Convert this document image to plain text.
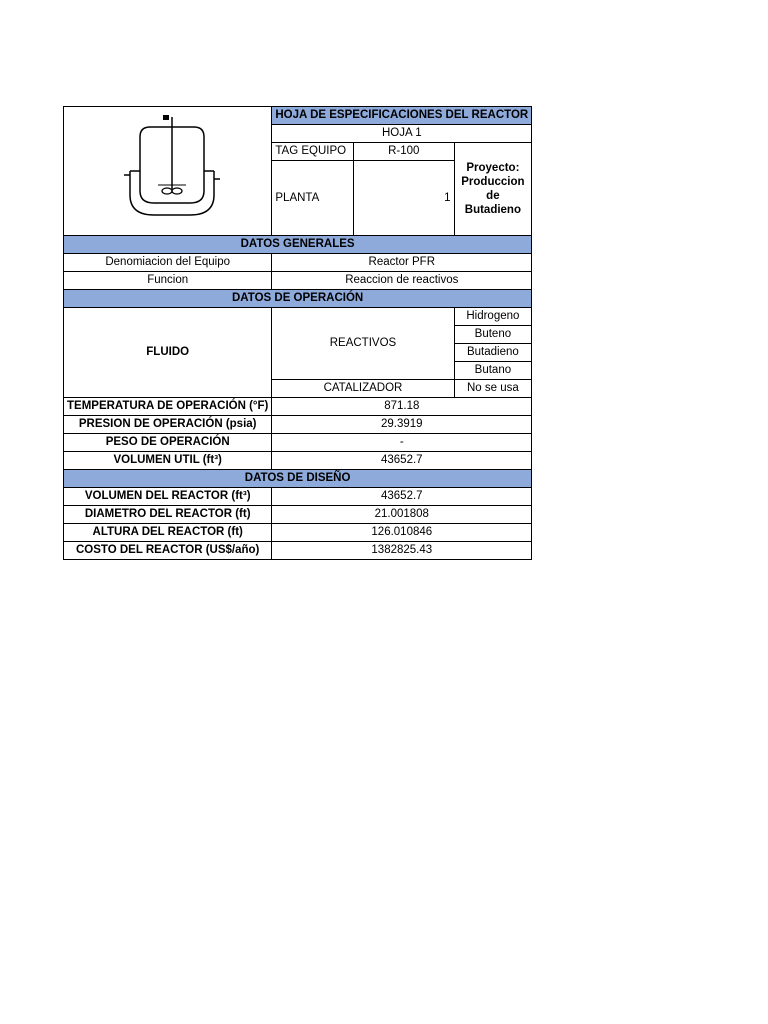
	HOJA DE ESPECIFICACIONES DEL REACTOR		
	HOJA 1		
	TAG EQUIPO	R-100	Proyecto:
Produccion
de
Butadieno
	PLANTA	1	
DATOS GENERALES			
Denomiacion del Equipo	Reactor PFR		
Funcion	Reaccion de reactivos		
DATOS DE OPERACIÓN			
FLUIDO	REACTIVOS		Hidrogeno
			Buteno
			Butadieno
			Butano
	CATALIZADOR		No se usa
TEMPERATURA DE OPERACIÓN (°F)	871.18		
PRESION DE OPERACIÓN (psia)	29.3919		
PESO DE OPERACIÓN	-		
VOLUMEN UTIL (ft³)	43652.7		
DATOS DE DISEÑO			
VOLUMEN DEL REACTOR (ft³)	43652.7		
DIAMETRO DEL REACTOR (ft)	21.001808		
ALTURA DEL REACTOR (ft)	126.010846		
COSTO DEL REACTOR (US$/año)	1382825.43		
